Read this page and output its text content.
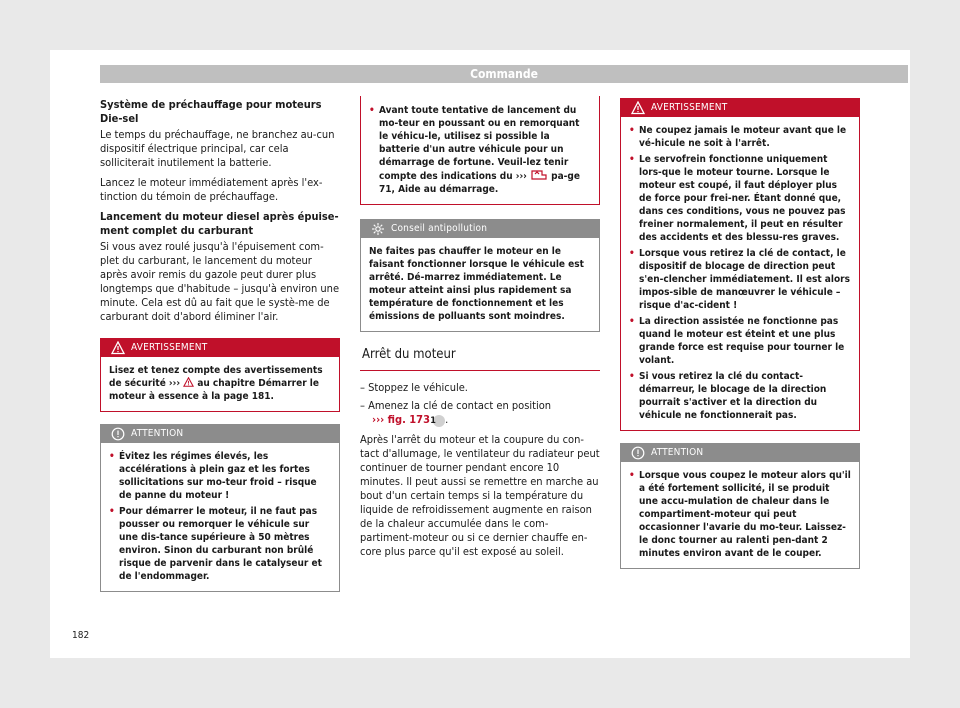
Commande
Système de préchauffage pour moteurs Die-sel

Le temps du préchauffage, ne branchez au-cun dispositif électrique principal, car cela solliciterait inutilement la batterie.

Lancez le moteur immédiatement après l'ex-tinction du témoin de préchauffage.

Lancement du moteur diesel après épuise-ment complet du carburant

Si vous avez roulé jusqu'à l'épuisement com-plet du carburant, le lancement du moteur après avoir remis du gazole peut durer plus longtemps que d'habitude – jusqu'à environ une minute. Cela est dû au fait que le systè-me de carburant doit d'abord éliminer l'air.

AVERTISSEMENT

Lisez et tenez compte des avertissements de sécurité ›››  au chapitre Démarrer le moteur à essence à la page 181.

ATTENTION
• Évitez les régimes élevés, les accélérations à plein gaz et les fortes sollicitations sur mo-teur froid – risque de panne du moteur !
• Pour démarrer le moteur, il ne faut pas pousser ou remorquer le véhicule sur une dis-tance supérieure à 50 mètres environ. Sinon du carburant non brûlé risque de parvenir dans le catalyseur et de l'endommager.
• Avant toute tentative de lancement du mo-teur en poussant ou en remorquant le véhicu-le, utilisez si possible la batterie d'un autre véhicule pour un démarrage de fortune. Veuil-lez tenir compte des indications du ›››  pa-ge 71, Aide au démarrage.
Conseil antipollution

Ne faites pas chauffer le moteur en le faisant fonctionner lorsque le véhicule est arrêté. Dé-marrez immédiatement. Le moteur atteint ainsi plus rapidement sa température de fonctionnement et les émissions de polluants sont moindres.

Arrêt du moteur
– Stoppez le véhicule.
– Amenez la clé de contact en position
››› fig. 173 1 .

Après l'arrêt du moteur et la coupure du con-tact d'allumage, le ventilateur du radiateur peut continuer de tourner pendant encore 10 minutes. Il peut aussi se remettre en marche au bout d'un certain temps si la température du liquide de refroidissement augmente en raison de la chaleur accumulée dans le com-partiment-moteur ou si ce dernier chauffe en-core plus parce qu'il est exposé au soleil.

AVERTISSEMENT
• Ne coupez jamais le moteur avant que le vé-hicule ne soit à l'arrêt.
• Le servofrein fonctionne uniquement lors-que le moteur tourne. Lorsque le moteur est coupé, il faut déployer plus de force pour frei-ner. Étant donné que, dans ces conditions, vous ne pouvez pas freiner normalement, il peut en résulter des accidents et des blessu-res graves.
• Lorsque vous retirez la clé de contact, le dispositif de blocage de direction peut s'en-clencher immédiatement. Il est alors impos-sible de manœuvrer le véhicule – risque d'ac-cident !
• La direction assistée ne fonctionne pas quand le moteur est éteint et une plus grande force est requise pour tourner le volant.
• Si vous retirez la clé du contact-démarreur, le blocage de la direction pourrait s'activer et la direction du véhicule ne fonctionnerait pas.
ATTENTION
• Lorsque vous coupez le moteur alors qu'il a été fortement sollicité, il se produit une accu-mulation de chaleur dans le compartiment-moteur qui peut occasionner l'avarie du mo-teur. Laissez-le donc tourner au ralenti pen-dant 2 minutes environ avant de le couper.
182
